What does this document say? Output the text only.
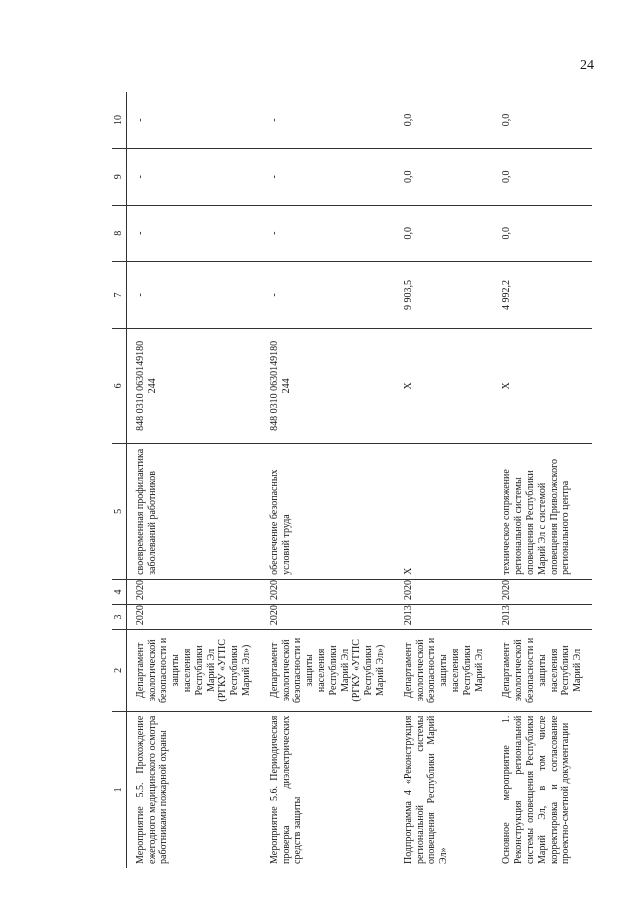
24
1	2	3	4	5	6	7	8	9	10
Мероприятие 5.5. Прохождение ежегодного медицинского осмотра работниками пожарной охраны	Департамент экологической безопасности и защиты населения Республики Марий Эл (РГКУ «УГПС Республики Марий Эл»)	2020	2020	своевременная профилактика заболеваний работников	848 0310 0630149180 244	-	-	-	-
Мероприятие 5.6. Периодическая проверка диэлектрических средств защиты	Департамент экологической безопасности и защиты населения Республики Марий Эл (РГКУ «УГПС Республики Марий Эл»)	2020	2020	обеспечение безопасных условий труда	848 0310 0630149180 244	-	-	-	-
Подпрограмма 4 «Реконструкция региональной системы оповещения Республики Марий Эл»	Департамент экологической безопасности и защиты населения Республики Марий Эл	2013	2020	X	X	9 903,5	0,0	0,0	0,0
Основное мероприятие 1. Реконструкция региональной системы оповещения Республики Марий Эл, в том числе корректировка и согласование проектно-сметной документации	Департамент экологической безопасности и защиты населения Республики Марий Эл	2013	2020	техническое сопряжение региональной системы оповещения Республики Марий Эл с системой оповещения Приволжского регионального центра	X	4 992,2	0,0	0,0	0,0
